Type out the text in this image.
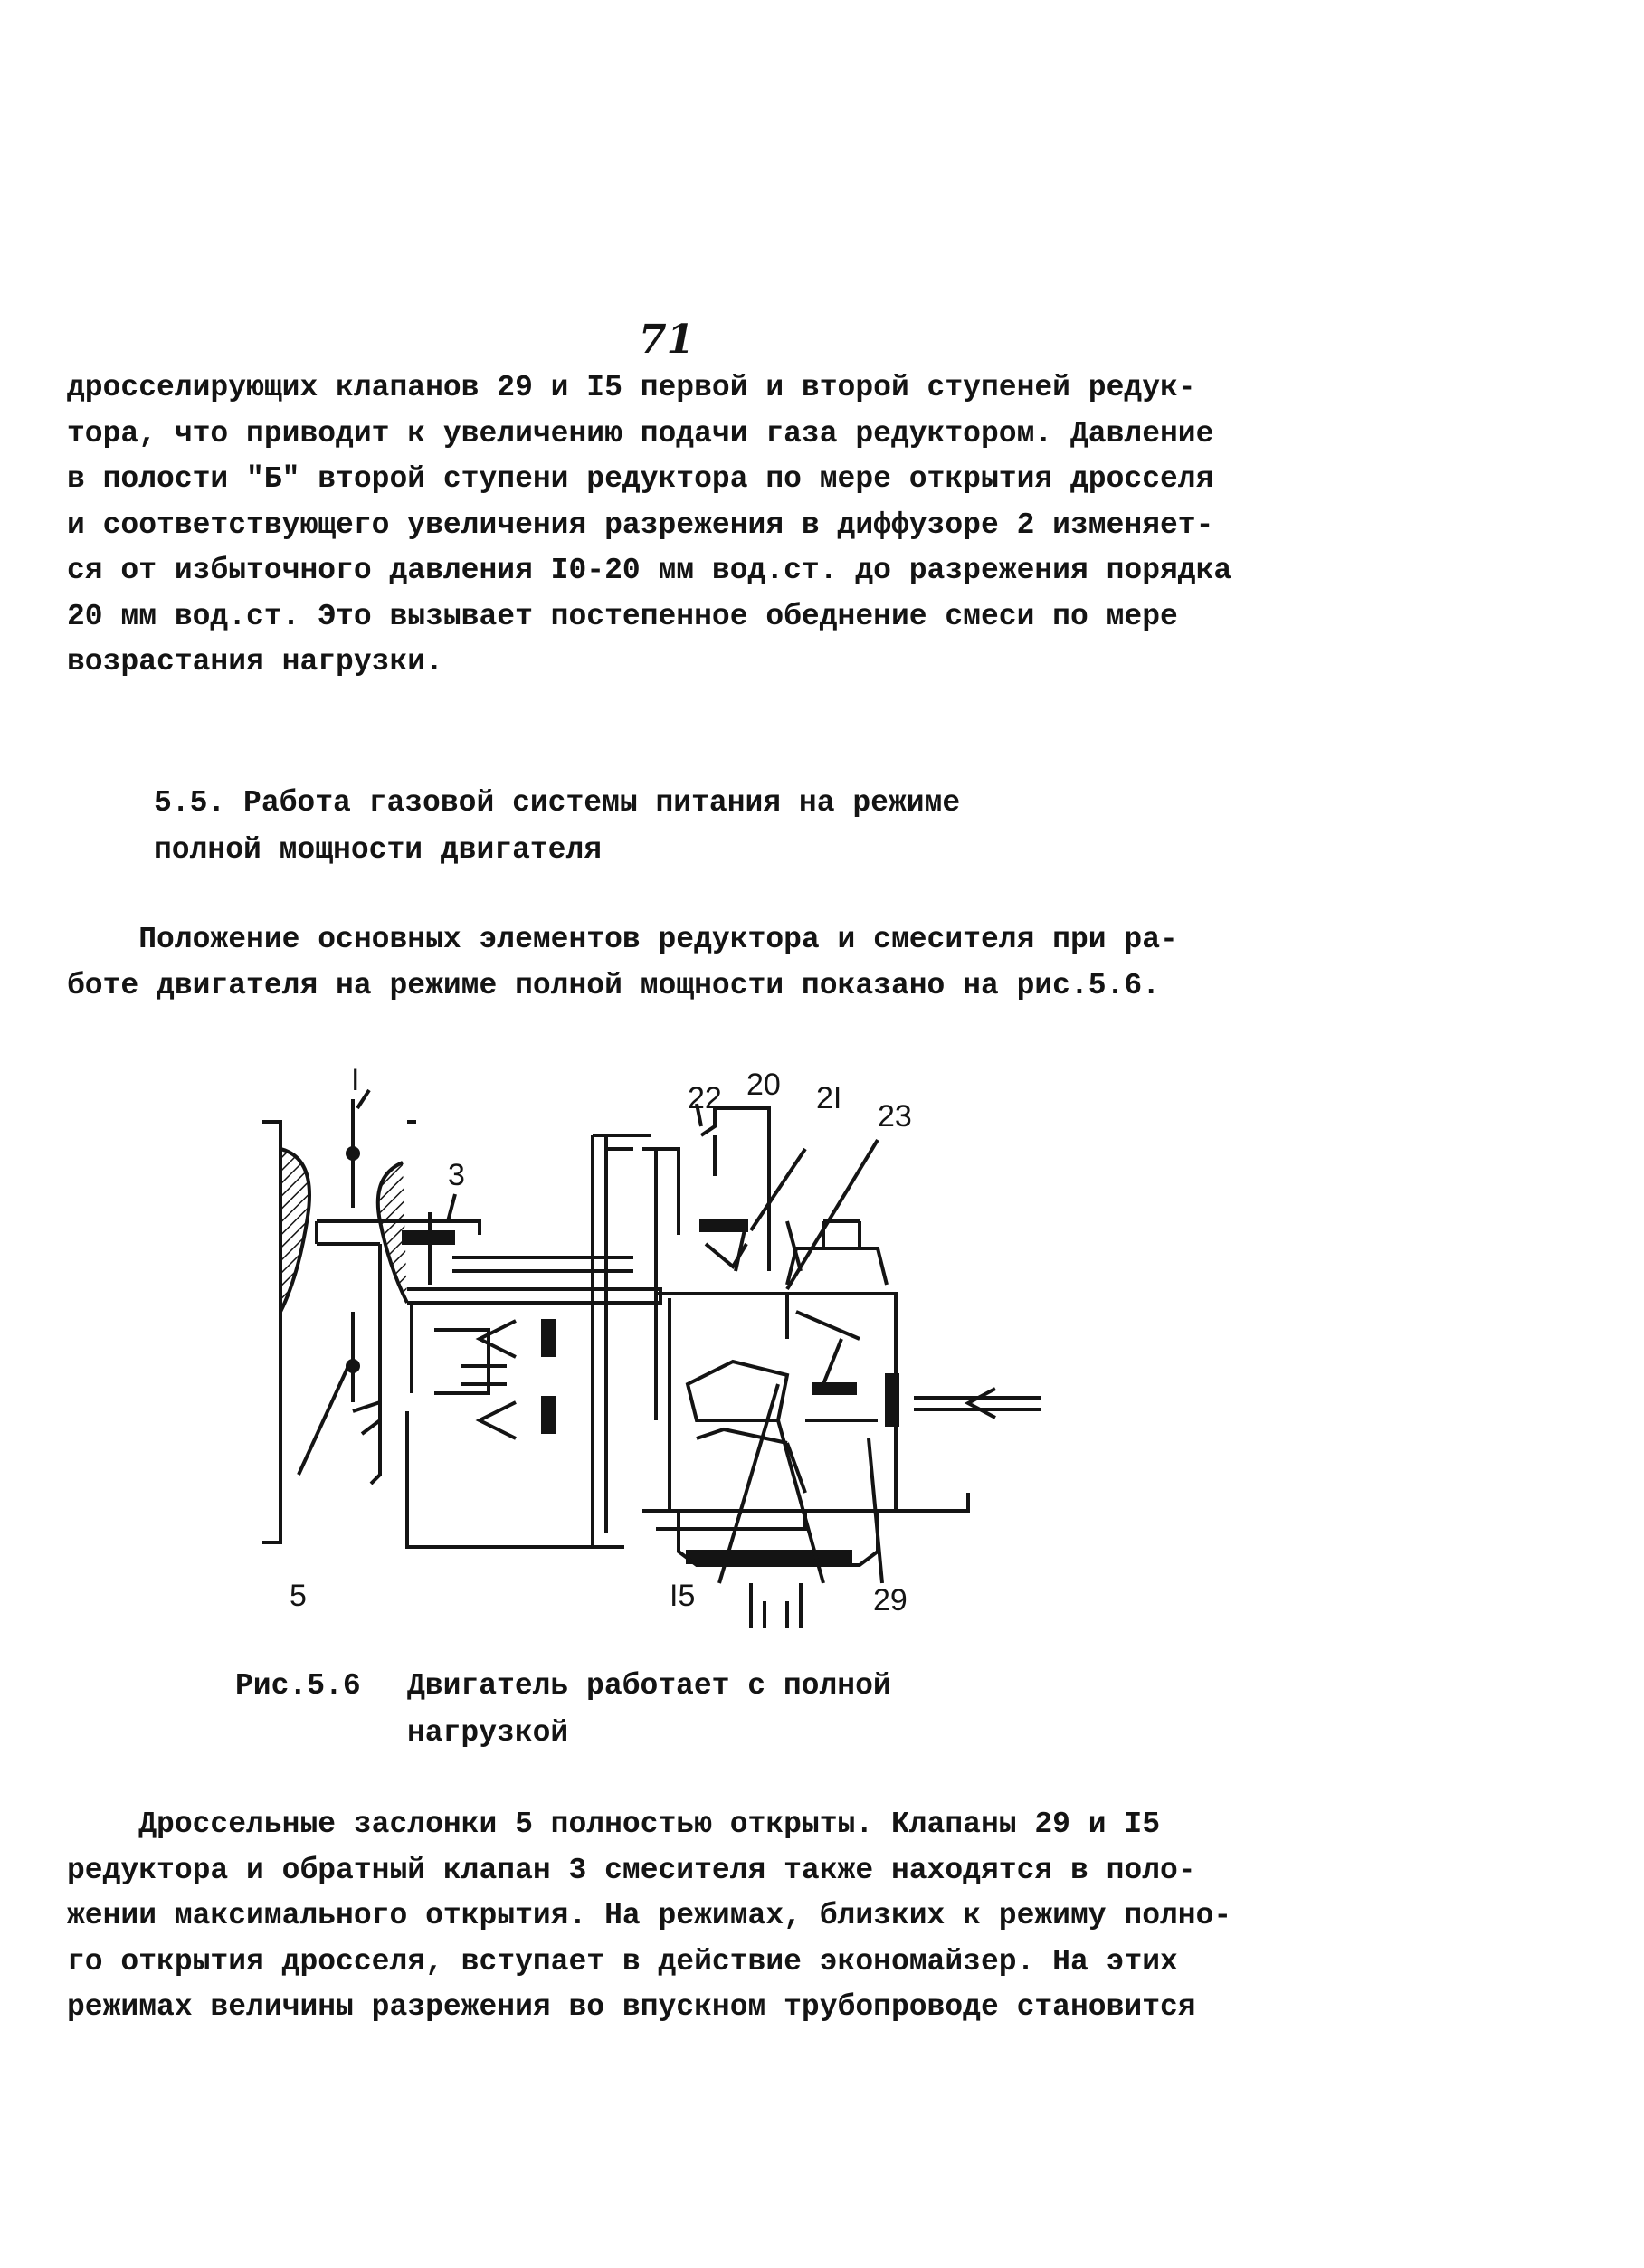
71
дросселирующих клапанов 29 и I5 первой и второй ступеней редук-
тора, что приводит к увеличению подачи газа редуктором. Давление
в полости "Б" второй ступени редуктора по мере открытия дросселя
и соответствующего увеличения разрежения в диффузоре 2 изменяет-
ся от избыточного давления I0-20 мм вод.ст. до разрежения порядка
20 мм вод.ст. Это вызывает постепенное обеднение смеси по мере
возрастания нагрузки.
5.5. Работа газовой системы питания на режиме
полной мощности двигателя
Положение основных элементов редуктора и смесителя при ра-
боте двигателя на режиме полной мощности показано на рис.5.6.
I
3
5	I5
20 2I
22
23
29
Рис.5.6 Двигатель работает с полной
нагрузкой
Дроссельные заслонки 5 полностью открыты. Клапаны 29 и I5
редуктора и обратный клапан 3 смесителя также находятся в поло-
жении максимального открытия. На режимах, близких к режиму полно-
го открытия дросселя, вступает в действие экономайзер. На этих
режимах величины разрежения во впускном трубопроводе становится
